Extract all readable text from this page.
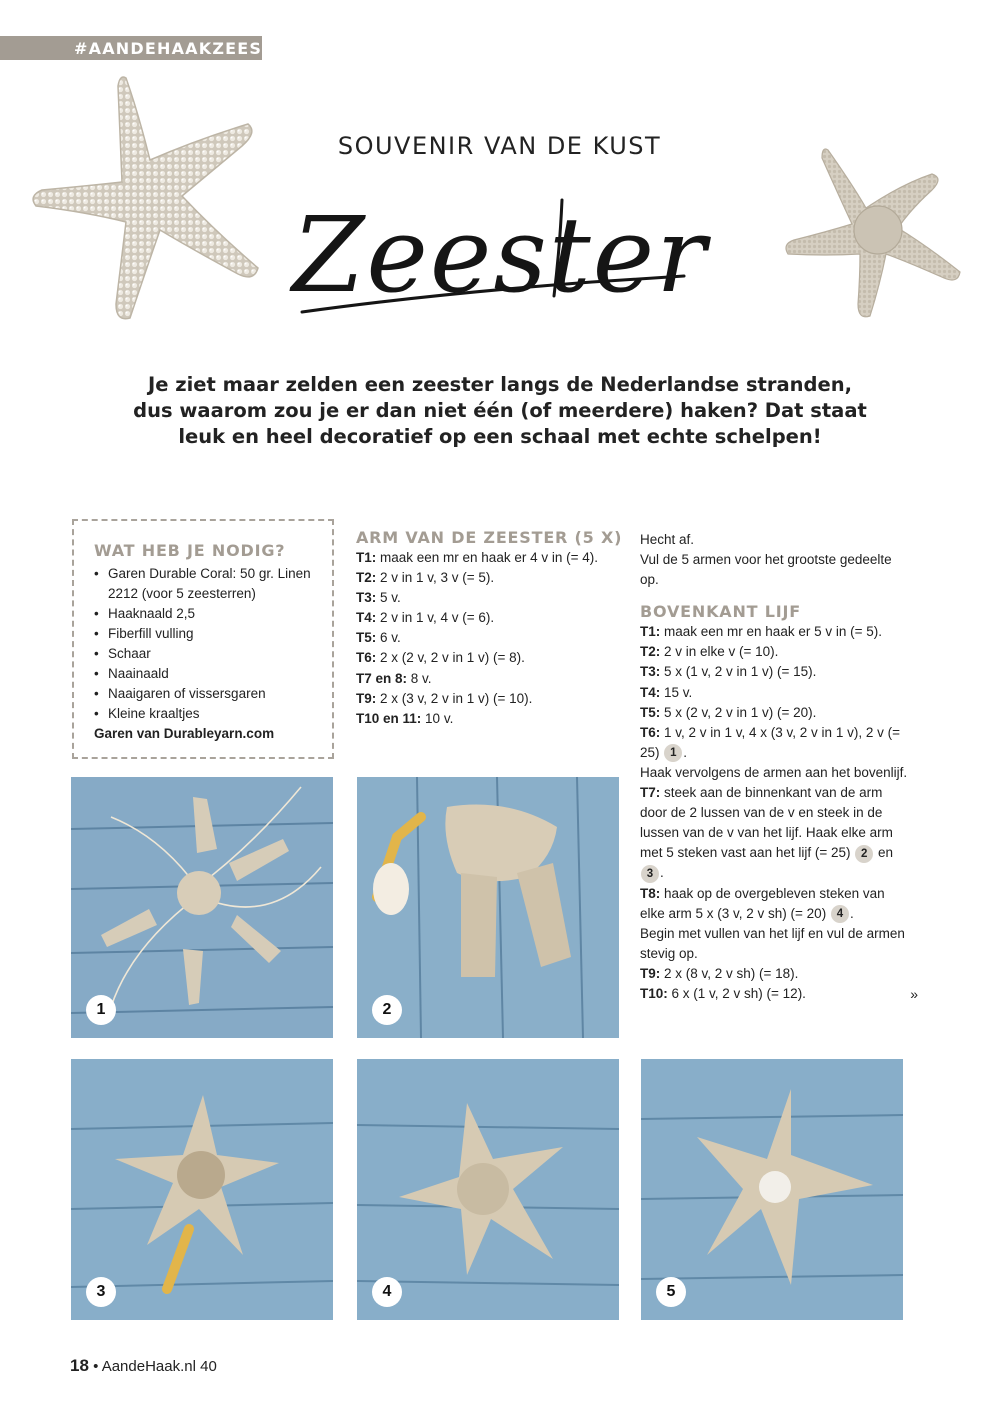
#AANDEHAAKZEESTER
SOUVENIR VAN DE KUST
Zeester
Je ziet maar zelden een zeester langs de Nederlandse stranden,
dus waarom zou je er dan niet één (of meerdere) haken? Dat staat
leuk en heel decoratief op een schaal met echte schelpen!
WAT HEB JE NODIG?
• Garen Durable Coral: 50 gr. Linen 2212 (voor 5 zeesterren)
• Haaknaald 2,5
• Fiberfill vulling
• Schaar
• Naainaald
• Naaigaren of vissersgaren
• Kleine kraaltjes
Garen van Durableyarn.com
ARM VAN DE ZEESTER (5 X)

T1: maak een mr en haak er 4 v in (= 4).

T2: 2 v in 1 v, 3 v (= 5).

T3: 5 v.

T4: 2 v in 1 v, 4 v (= 6).

T5: 6 v.

T6: 2 x (2 v, 2 v in 1 v) (= 8).

T7 en 8: 8 v.

T9: 2 x (3 v, 2 v in 1 v) (= 10).

T10 en 11: 10 v.

Hecht af.

Vul de 5 armen voor het grootste gedeelte op.

BOVENKANT LIJF

T1: maak een mr en haak er 5 v in (= 5).

T2: 2 v in elke v (= 10).

T3: 5 x (1 v, 2 v in 1 v) (= 15).

T4: 15 v.

T5: 5 x (2 v, 2 v in 1 v) (= 20).

T6: 1 v, 2 v in 1 v, 4 x (3 v, 2 v in 1 v), 2 v (= 25) 1 .

Haak vervolgens de armen aan het bovenlijf.

T7: steek aan de binnenkant van de arm door de 2 lussen van de v en steek in de lussen van de v van het lijf. Haak elke arm met 5 steken vast aan het lijf (= 25) 2 en 3 .

T8: haak op de overgebleven steken van elke arm 5 x (3 v, 2 v sh) (= 20) 4 .

Begin met vullen van het lijf en vul de armen stevig op.

T9: 2 x (8 v, 2 v sh) (= 18).

T10: 6 x (1 v, 2 v sh) (= 12).	»
1	2
3	4	5
18 • AandeHaak.nl 40
